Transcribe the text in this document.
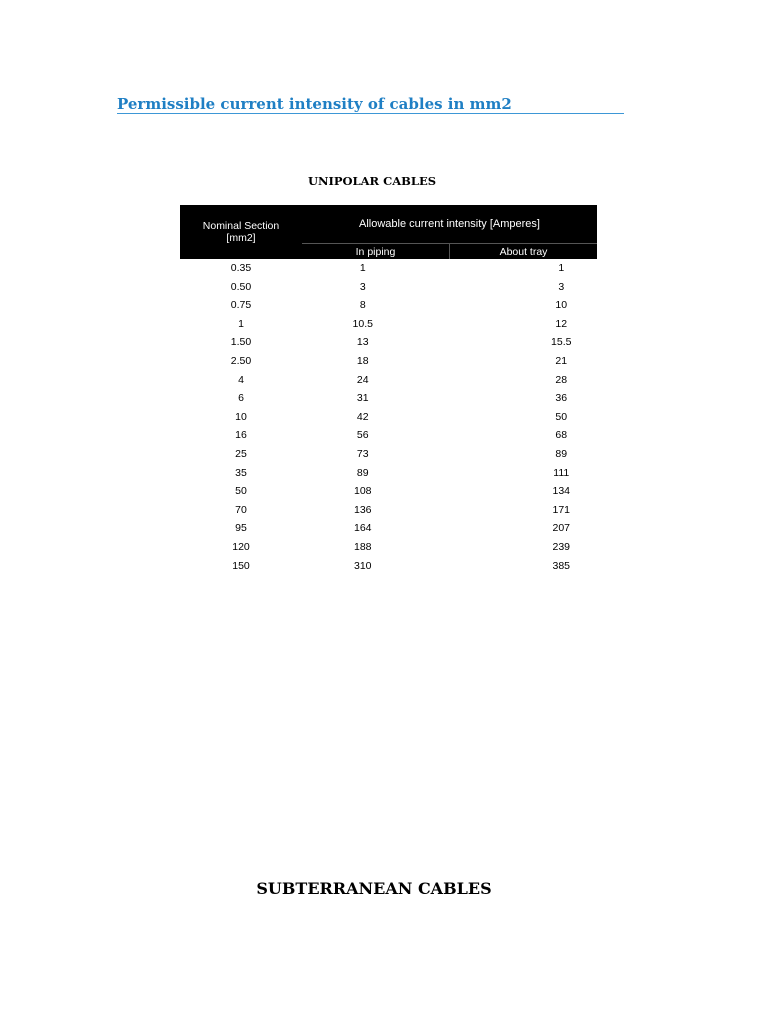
Permissible current intensity of cables in mm2
UNIPOLAR CABLES
Nominal Section
[mm2]	Allowable current intensity [Amperes]	
	In piping	About tray
0.35	1	1
0.50	3	3
0.75	8	10
1	10.5	12
1.50	13	15.5
2.50	18	21
4	24	28
6	31	36
10	42	50
16	56	68
25	73	89
35	89	111
50	108	134
70	136	171
95	164	207
120	188	239
150	310	385
SUBTERRANEAN CABLES
